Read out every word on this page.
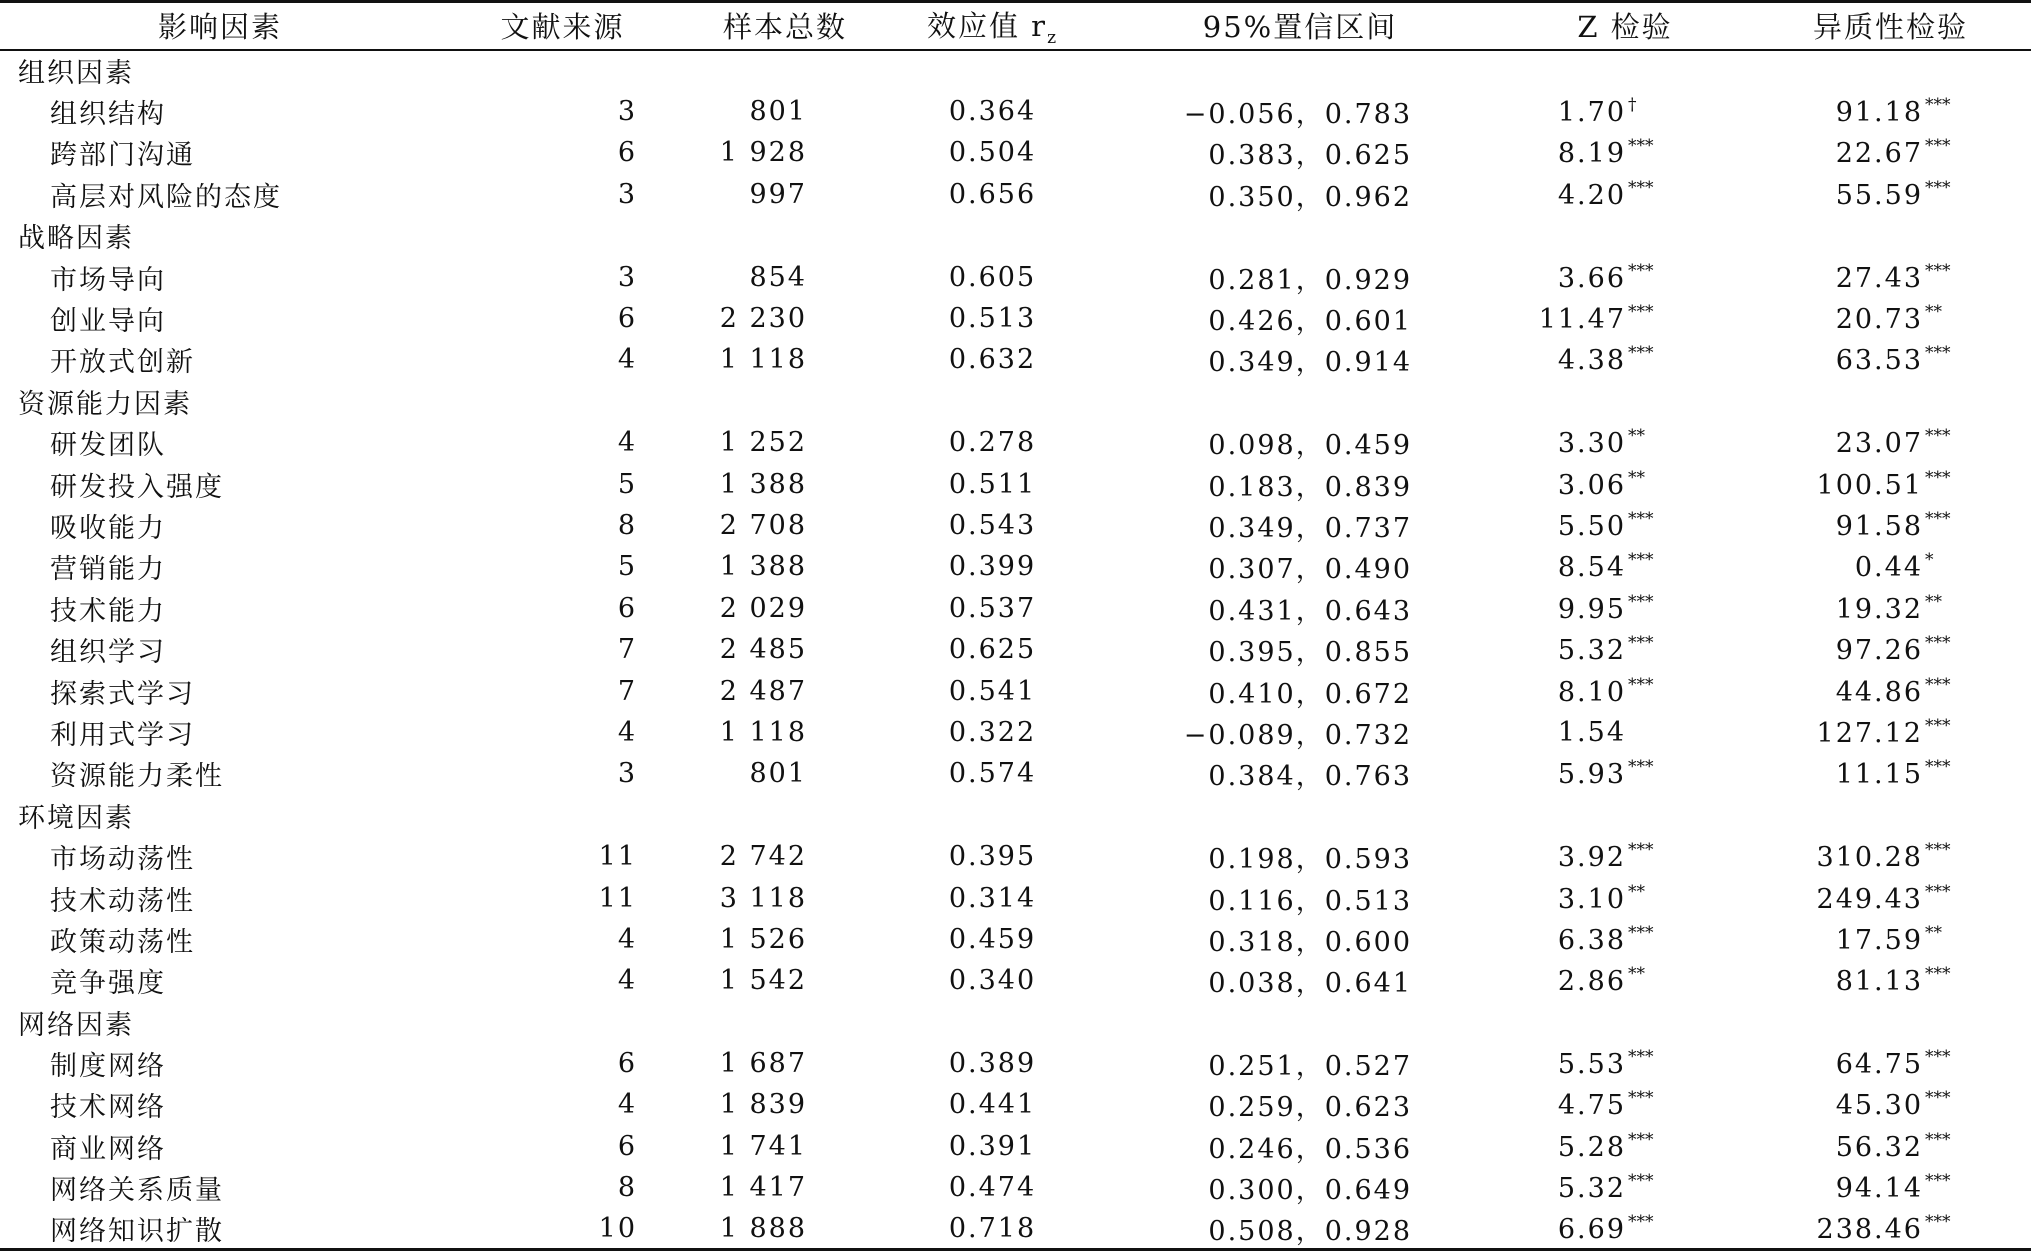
影响因素	文献来源	样本总数	效应值 $r_z$	95%置信区间	Z 检验	异质性检验
组织因素						
组织结构	3	801	0.364	−0.056，0.783	1.70 †	91.18 ***
跨部门沟通	6	1 928	0.504	0.383，0.625	8.19 ***	22.67 ***
高层对风险的态度	3	997	0.656	0.350，0.962	4.20 ***	55.59 ***
战略因素						
市场导向	3	854	0.605	0.281，0.929	3.66 ***	27.43 ***
创业导向	6	2 230	0.513	0.426，0.601	11.47 ***	20.73 **
开放式创新	4	1 118	0.632	0.349，0.914	4.38 ***	63.53 ***
资源能力因素						
研发团队	4	1 252	0.278	0.098，0.459	3.30 **	23.07 ***
研发投入强度	5	1 388	0.511	0.183，0.839	3.06 **	100.51 ***
吸收能力	8	2 708	0.543	0.349，0.737	5.50 ***	91.58 ***
营销能力	5	1 388	0.399	0.307，0.490	8.54 ***	0.44 *
技术能力	6	2 029	0.537	0.431，0.643	9.95 ***	19.32 **
组织学习	7	2 485	0.625	0.395，0.855	5.32 ***	97.26 ***
探索式学习	7	2 487	0.541	0.410，0.672	8.10 ***	44.86 ***
利用式学习	4	1 118	0.322	−0.089，0.732	1.54	127.12 ***
资源能力柔性	3	801	0.574	0.384，0.763	5.93 ***	11.15 ***
环境因素						
市场动荡性	11	2 742	0.395	0.198，0.593	3.92 ***	310.28 ***
技术动荡性	11	3 118	0.314	0.116，0.513	3.10 **	249.43 ***
政策动荡性	4	1 526	0.459	0.318，0.600	6.38 ***	17.59 **
竞争强度	4	1 542	0.340	0.038，0.641	2.86 **	81.13 ***
网络因素						
制度网络	6	1 687	0.389	0.251，0.527	5.53 ***	64.75 ***
技术网络	4	1 839	0.441	0.259，0.623	4.75 ***	45.30 ***
商业网络	6	1 741	0.391	0.246，0.536	5.28 ***	56.32 ***
网络关系质量	8	1 417	0.474	0.300，0.649	5.32 ***	94.14 ***
网络知识扩散	10	1 888	0.718	0.508，0.928	6.69 ***	238.46 ***
